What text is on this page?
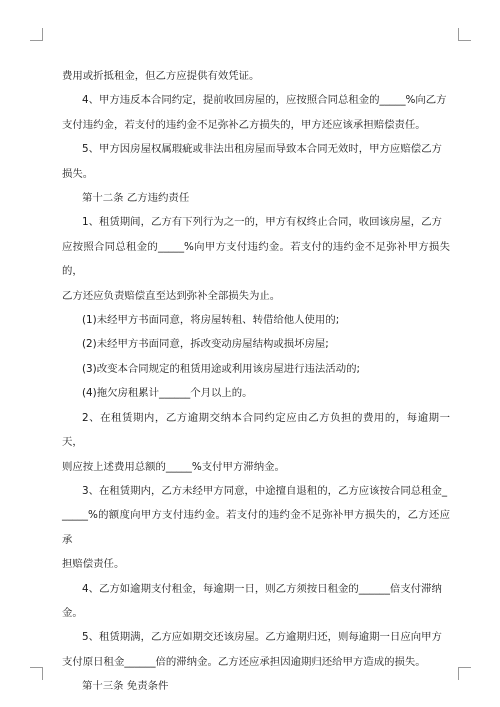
费用或折抵租金，但乙方应提供有效凭证。

4、甲方违反本合同约定，提前收回房屋的，应按照合同总租金的_____%向乙方

支付违约金，若支付的违约金不足弥补乙方损失的，甲方还应该承担赔偿责任。

5、甲方因房屋权属瑕疵或非法出租房屋而导致本合同无效时，甲方应赔偿乙方

损失。

第十二条 乙方违约责任

1、租赁期间，乙方有下列行为之一的，甲方有权终止合同，收回该房屋，乙方

应按照合同总租金的_____%向甲方支付违约金。若支付的违约金不足弥补甲方损失的，

乙方还应负责赔偿直至达到弥补全部损失为止。

(1)未经甲方书面同意，将房屋转租、转借给他人使用的;

(2)未经甲方书面同意，拆改变动房屋结构或损坏房屋;

(3)改变本合同规定的租赁用途或利用该房屋进行违法活动的;

(4)拖欠房租累计______个月以上的。

2、在租赁期内，乙方逾期交纳本合同约定应由乙方负担的费用的，每逾期一天，

则应按上述费用总额的_____%支付甲方滞纳金。

3、在租赁期内，乙方未经甲方同意，中途擅自退租的，乙方应该按合同总租金_

_____%的额度向甲方支付违约金。若支付的违约金不足弥补甲方损失的，乙方还应承

担赔偿责任。

4、乙方如逾期支付租金，每逾期一日，则乙方须按日租金的______倍支付滞纳

金。

5、租赁期满，乙方应如期交还该房屋。乙方逾期归还，则每逾期一日应向甲方

支付原日租金______倍的滞纳金。乙方还应承担因逾期归还给甲方造成的损失。

第十三条 免责条件
